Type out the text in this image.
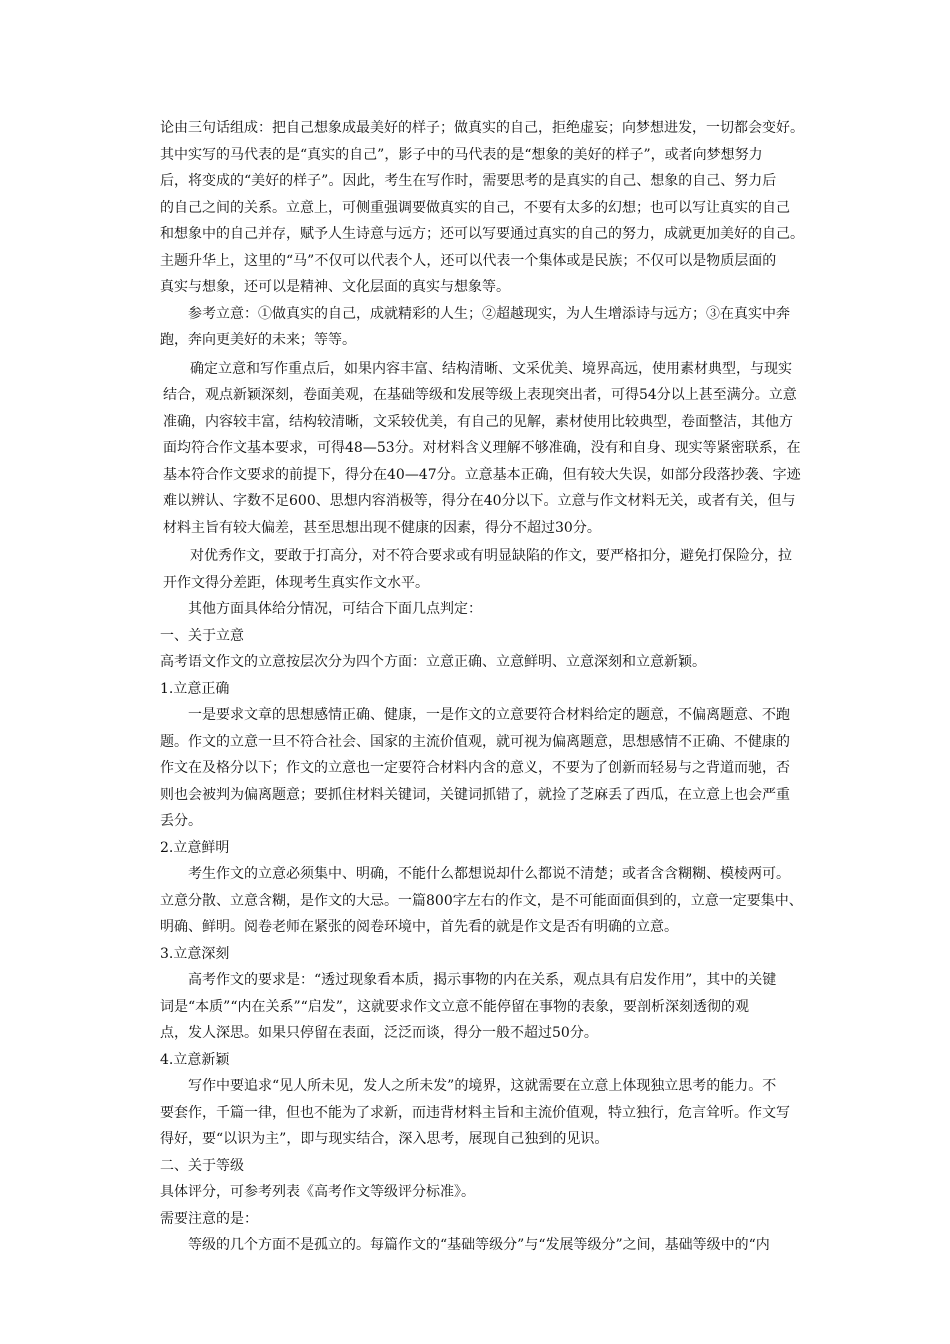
论由三句话组成：把自己想象成最美好的样子；做真实的自己，拒绝虚妄；向梦想进发，一切都会变好。
其中实写的马代表的是“真实的自己”，影子中的马代表的是“想象的美好的样子”，或者向梦想努力
后，将变成的“美好的样子”。因此，考生在写作时，需要思考的是真实的自己、想象的自己、努力后
的自己之间的关系。立意上，可侧重强调要做真实的自己，不要有太多的幻想；也可以写让真实的自己
和想象中的自己并存，赋予人生诗意与远方；还可以写要通过真实的自己的努力，成就更加美好的自己。
主题升华上，这里的“马”不仅可以代表个人，还可以代表一个集体或是民族；不仅可以是物质层面的
真实与想象，还可以是精神、文化层面的真实与想象等。
参考立意：①做真实的自己，成就精彩的人生；②超越现实，为人生增添诗与远方；③在真实中奔
跑，奔向更美好的未来；等等。
确定立意和写作重点后，如果内容丰富、结构清晰、文采优美、境界高远，使用素材典型，与现实
结合，观点新颖深刻，卷面美观，在基础等级和发展等级上表现突出者，可得54分以上甚至满分。立意
准确，内容较丰富，结构较清晰，文采较优美，有自己的见解，素材使用比较典型，卷面整洁，其他方
面均符合作文基本要求，可得48—53分。对材料含义理解不够准确，没有和自身、现实等紧密联系，在
基本符合作文要求的前提下，得分在40—47分。立意基本正确，但有较大失误，如部分段落抄袭、字迹
难以辨认、字数不足600、思想内容消极等，得分在40分以下。立意与作文材料无关，或者有关，但与
材料主旨有较大偏差，甚至思想出现不健康的因素，得分不超过30分。
对优秀作文，要敢于打高分，对不符合要求或有明显缺陷的作文，要严格扣分，避免打保险分，拉
开作文得分差距，体现考生真实作文水平。
其他方面具体给分情况，可结合下面几点判定：
一、关于立意
高考语文作文的立意按层次分为四个方面：立意正确、立意鲜明、立意深刻和立意新颖。
1.立意正确
一是要求文章的思想感情正确、健康，一是作文的立意要符合材料给定的题意，不偏离题意、不跑
题。作文的立意一旦不符合社会、国家的主流价值观，就可视为偏离题意，思想感情不正确、不健康的
作文在及格分以下；作文的立意也一定要符合材料内含的意义，不要为了创新而轻易与之背道而驰，否
则也会被判为偏离题意；要抓住材料关键词，关键词抓错了，就捡了芝麻丢了西瓜，在立意上也会严重
丢分。
2.立意鲜明
考生作文的立意必须集中、明确，不能什么都想说却什么都说不清楚；或者含含糊糊、模棱两可。
立意分散、立意含糊，是作文的大忌。一篇800字左右的作文，是不可能面面俱到的，立意一定要集中、
明确、鲜明。阅卷老师在紧张的阅卷环境中，首先看的就是作文是否有明确的立意。
3.立意深刻
高考作文的要求是：“透过现象看本质，揭示事物的内在关系，观点具有启发作用”，其中的关键
词是“本质”“内在关系”“启发”，这就要求作文立意不能停留在事物的表象，要剖析深刻透彻的观
点，发人深思。如果只停留在表面，泛泛而谈，得分一般不超过50分。
4.立意新颖
写作中要追求“见人所未见，发人之所未发”的境界，这就需要在立意上体现独立思考的能力。不
要套作，千篇一律，但也不能为了求新，而违背材料主旨和主流价值观，特立独行，危言耸听。作文写
得好，要“以识为主”，即与现实结合，深入思考，展现自己独到的见识。
二、关于等级
具体评分，可参考列表《高考作文等级评分标准》。
需要注意的是：
等级的几个方面不是孤立的。每篇作文的“基础等级分”与“发展等级分”之间，基础等级中的“内
